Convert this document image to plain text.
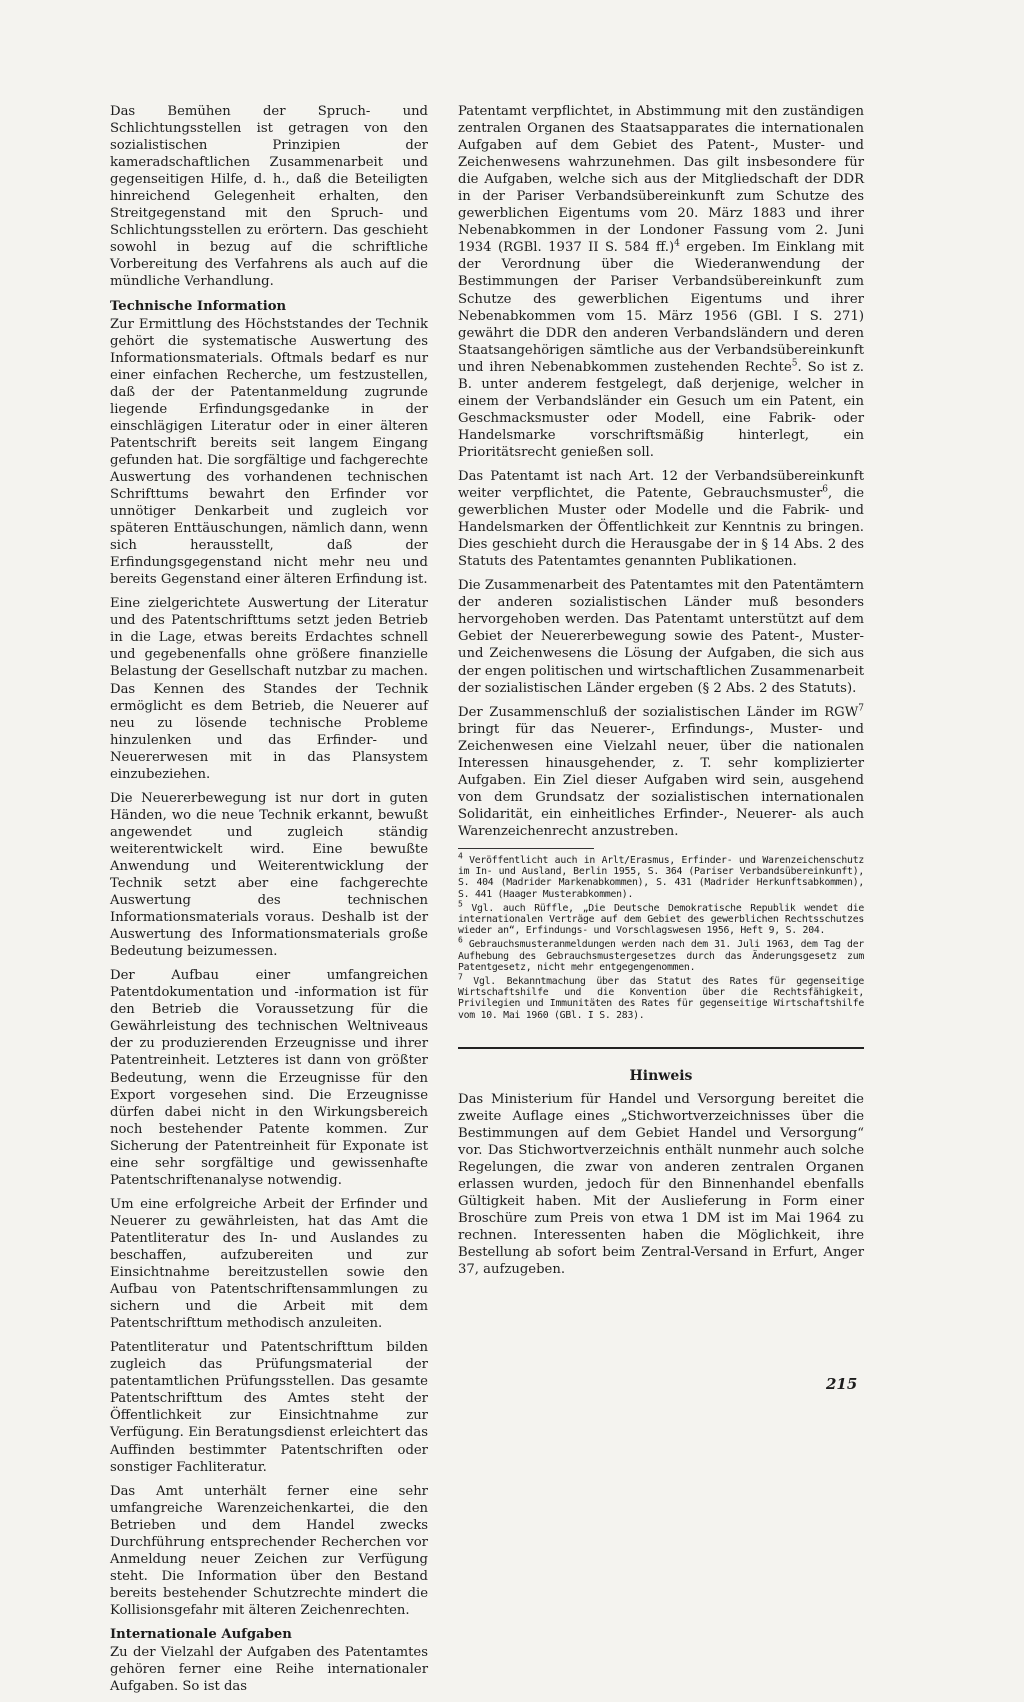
Das Bemühen der Spruch- und Schlichtungsstellen ist getragen von den sozialistischen Prinzipien der kameradschaftlichen Zusammenarbeit und gegenseitigen Hilfe, d. h., daß die Beteiligten hinreichend Gelegenheit erhalten, den Streitgegenstand mit den Spruch- und Schlichtungsstellen zu erörtern. Das geschieht sowohl in bezug auf die schriftliche Vorbereitung des Verfahrens als auch auf die mündliche Verhandlung.

Technische Information

Zur Ermittlung des Höchststandes der Technik gehört die systematische Auswertung des Informationsmaterials. Oftmals bedarf es nur einer einfachen Recherche, um festzustellen, daß der der Patentanmeldung zugrunde liegende Erfindungsgedanke in der einschlägigen Literatur oder in einer älteren Patentschrift bereits seit langem Eingang gefunden hat. Die sorgfältige und fachgerechte Auswertung des vorhandenen technischen Schrifttums bewahrt den Erfinder vor unnötiger Denkarbeit und zugleich vor späteren Enttäuschungen, nämlich dann, wenn sich herausstellt, daß der Erfindungsgegenstand nicht mehr neu und bereits Gegenstand einer älteren Erfindung ist.

Eine zielgerichtete Auswertung der Literatur und des Patentschrifttums setzt jeden Betrieb in die Lage, etwas bereits Erdachtes schnell und gegebenenfalls ohne größere finanzielle Belastung der Gesellschaft nutzbar zu machen. Das Kennen des Standes der Technik ermöglicht es dem Betrieb, die Neuerer auf neu zu lösende technische Probleme hinzulenken und das Erfinder- und Neuererwesen mit in das Plansystem einzubeziehen.

Die Neuererbewegung ist nur dort in guten Händen, wo die neue Technik erkannt, bewußt angewendet und zugleich ständig weiterentwickelt wird. Eine bewußte Anwendung und Weiterentwicklung der Technik setzt aber eine fachgerechte Auswertung des technischen Informationsmaterials voraus. Deshalb ist der Auswertung des Informationsmaterials große Bedeutung beizumessen.

Der Aufbau einer umfangreichen Patentdokumentation und -information ist für den Betrieb die Voraussetzung für die Gewährleistung des technischen Weltniveaus der zu produzierenden Erzeugnisse und ihrer Patentreinheit. Letzteres ist dann von größter Bedeutung, wenn die Erzeugnisse für den Export vorgesehen sind. Die Erzeugnisse dürfen dabei nicht in den Wirkungsbereich noch bestehender Patente kommen. Zur Sicherung der Patentreinheit für Exponate ist eine sehr sorgfältige und gewissenhafte Patentschriftenanalyse notwendig.

Um eine erfolgreiche Arbeit der Erfinder und Neuerer zu gewährleisten, hat das Amt die Patentliteratur des In- und Auslandes zu beschaffen, aufzubereiten und zur Einsichtnahme bereitzustellen sowie den Aufbau von Patentschriftensammlungen zu sichern und die Arbeit mit dem Patentschrifttum methodisch anzuleiten.

Patentliteratur und Patentschrifttum bilden zugleich das Prüfungsmaterial der patentamtlichen Prüfungsstellen. Das gesamte Patentschrifttum des Amtes steht der Öffentlichkeit zur Einsichtnahme zur Verfügung. Ein Beratungsdienst erleichtert das Auffinden bestimmter Patentschriften oder sonstiger Fachliteratur.

Das Amt unterhält ferner eine sehr umfangreiche Warenzeichenkartei, die den Betrieben und dem Handel zwecks Durchführung entsprechender Recherchen vor Anmeldung neuer Zeichen zur Verfügung steht. Die Information über den Bestand bereits bestehender Schutzrechte mindert die Kollisionsgefahr mit älteren Zeichenrechten.

Internationale Aufgaben

Zu der Vielzahl der Aufgaben des Patentamtes gehören ferner eine Reihe internationaler Aufgaben. So ist das

Patentamt verpflichtet, in Abstimmung mit den zuständigen zentralen Organen des Staatsapparates die internationalen Aufgaben auf dem Gebiet des Patent-, Muster- und Zeichenwesens wahrzunehmen. Das gilt insbesondere für die Aufgaben, welche sich aus der Mitgliedschaft der DDR in der Pariser Verbandsübereinkunft zum Schutze des gewerblichen Eigentums vom 20. März 1883 und ihrer Nebenabkommen in der Londoner Fassung vom 2. Juni 1934 (RGBl. 1937 II S. 584 ff.)$^4$ ergeben. Im Einklang mit der Verordnung über die Wiederanwendung der Bestimmungen der Pariser Verbandsübereinkunft zum Schutze des gewerblichen Eigentums und ihrer Nebenabkommen vom 15. März 1956 (GBl. I S. 271) gewährt die DDR den anderen Verbandsländern und deren Staatsangehörigen sämtliche aus der Verbandsübereinkunft und ihren Nebenabkommen zustehenden Rechte$^5$. So ist z. B. unter anderem festgelegt, daß derjenige, welcher in einem der Verbandsländer ein Gesuch um ein Patent, ein Geschmacksmuster oder Modell, eine Fabrik- oder Handelsmarke vorschriftsmäßig hinterlegt, ein Prioritätsrecht genießen soll.

Das Patentamt ist nach Art. 12 der Verbandsübereinkunft weiter verpflichtet, die Patente, Gebrauchsmuster$^6$, die gewerblichen Muster oder Modelle und die Fabrik- und Handelsmarken der Öffentlichkeit zur Kenntnis zu bringen. Dies geschieht durch die Herausgabe der in § 14 Abs. 2 des Statuts des Patentamtes genannten Publikationen.

Die Zusammenarbeit des Patentamtes mit den Patentämtern der anderen sozialistischen Länder muß besonders hervorgehoben werden. Das Patentamt unterstützt auf dem Gebiet der Neuererbewegung sowie des Patent-, Muster- und Zeichenwesens die Lösung der Aufgaben, die sich aus der engen politischen und wirtschaftlichen Zusammenarbeit der sozialistischen Länder ergeben (§ 2 Abs. 2 des Statuts).

Der Zusammenschluß der sozialistischen Länder im RGW$^7$ bringt für das Neuerer-, Erfindungs-, Muster- und Zeichenwesen eine Vielzahl neuer, über die nationalen Interessen hinausgehender, z. T. sehr komplizierter Aufgaben. Ein Ziel dieser Aufgaben wird sein, ausgehend von dem Grundsatz der sozialistischen internationalen Solidarität, ein einheitliches Erfinder-, Neuerer- als auch Warenzeichenrecht anzustreben.

$^4$ Veröffentlicht auch in Arlt/Erasmus, Erfinder- und Warenzeichenschutz im In- und Ausland, Berlin 1955, S. 364 (Pariser Verbandsübereinkunft), S. 404 (Madrider Markenabkommen), S. 431 (Madrider Herkunftsabkommen), S. 441 (Haager Musterabkommen).

$^5$ Vgl. auch Rüffle, „Die Deutsche Demokratische Republik wendet die internationalen Verträge auf dem Gebiet des gewerblichen Rechtsschutzes wieder an“, Erfindungs- und Vorschlagswesen 1956, Heft 9, S. 204.

$^6$ Gebrauchsmusteranmeldungen werden nach dem 31. Juli 1963, dem Tag der Aufhebung des Gebrauchsmustergesetzes durch das Änderungsgesetz zum Patentgesetz, nicht mehr entgegengenommen.

$^7$ Vgl. Bekanntmachung über das Statut des Rates für gegenseitige Wirtschaftshilfe und die Konvention über die Rechtsfähigkeit, Privilegien und Immunitäten des Rates für gegenseitige Wirtschaftshilfe vom 10. Mai 1960 (GBl. I S. 283).

Hinweis

Das Ministerium für Handel und Versorgung bereitet die zweite Auflage eines „Stichwortverzeichnisses über die Bestimmungen auf dem Gebiet Handel und Versorgung“ vor. Das Stichwortverzeichnis enthält nunmehr auch solche Regelungen, die zwar von anderen zentralen Organen erlassen wurden, jedoch für den Binnenhandel ebenfalls Gültigkeit haben. Mit der Auslieferung in Form einer Broschüre zum Preis von etwa 1 DM ist im Mai 1964 zu rechnen. Interessenten haben die Möglichkeit, ihre Bestellung ab sofort beim Zentral-Versand in Erfurt, Anger 37, aufzugeben.

215
